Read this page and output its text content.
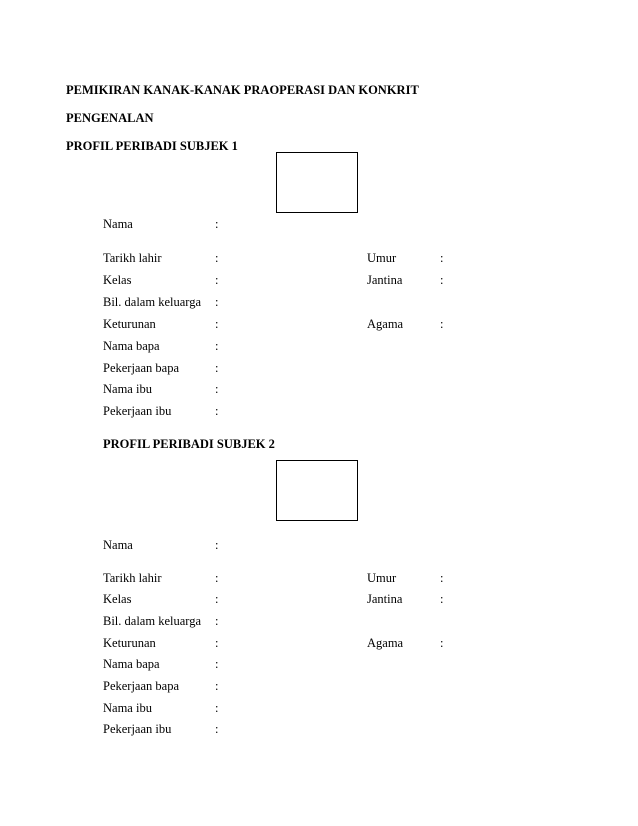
PEMIKIRAN KANAK-KANAK PRAOPERASI DAN KONKRIT
PENGENALAN
PROFIL PERIBADI SUBJEK 1
Nama	:
Tarikh lahir	:	Umur	:
Kelas	:	Jantina	:
Bil. dalam keluarga :
Keturunan	:	Agama	:
Nama bapa	:
Pekerjaan bapa	:
Nama ibu	:
Pekerjaan ibu	:
PROFIL PERIBADI SUBJEK 2
Nama	:
Tarikh lahir	:	Umur	:
Kelas	:	Jantina	:
Bil. dalam keluarga :
Keturunan	:	Agama	:
Nama bapa	:
Pekerjaan bapa	:
Nama ibu	:
Pekerjaan ibu	:
